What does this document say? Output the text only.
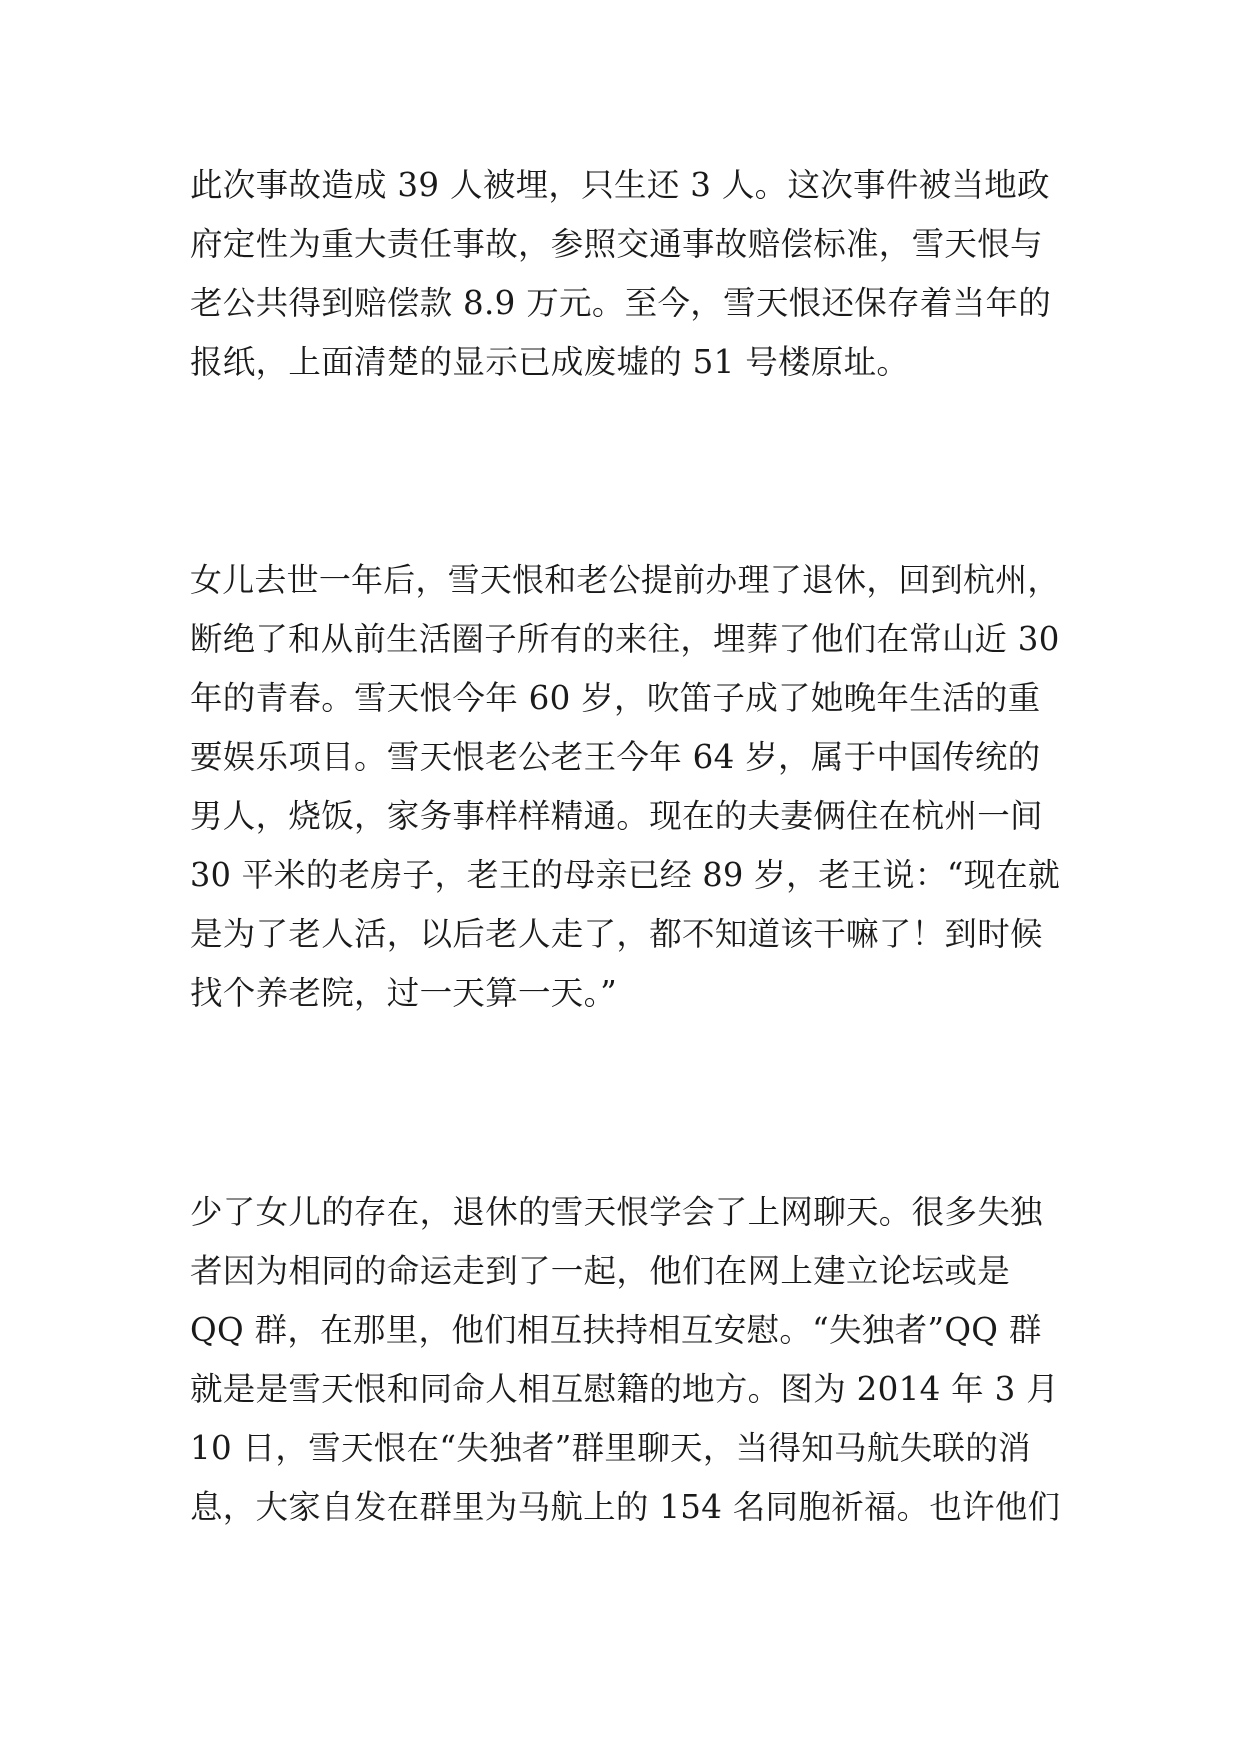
此次事故造成 39 人被埋，只生还 3 人。这次事件被当地政
府定性为重大责任事故，参照交通事故赔偿标准，雪天恨与
老公共得到赔偿款 8.9 万元。至今，雪天恨还保存着当年的
报纸，上面清楚的显示已成废墟的 51 号楼原址。
女儿去世一年后，雪天恨和老公提前办理了退休，回到杭州，
断绝了和从前生活圈子所有的来往，埋葬了他们在常山近 30
年的青春。雪天恨今年 60 岁，吹笛子成了她晚年生活的重
要娱乐项目。雪天恨老公老王今年 64 岁，属于中国传统的
男人，烧饭，家务事样样精通。现在的夫妻俩住在杭州一间
30 平米的老房子，老王的母亲已经 89 岁，老王说：“现在就
是为了老人活，以后老人走了，都不知道该干嘛了！到时候
找个养老院，过一天算一天。”
少了女儿的存在，退休的雪天恨学会了上网聊天。很多失独
者因为相同的命运走到了一起，他们在网上建立论坛或是
QQ 群，在那里，他们相互扶持相互安慰。“失独者”QQ 群
就是是雪天恨和同命人相互慰籍的地方。图为 2014 年 3 月
10 日，雪天恨在“失独者”群里聊天，当得知马航失联的消
息，大家自发在群里为马航上的 154 名同胞祈福。也许他们
